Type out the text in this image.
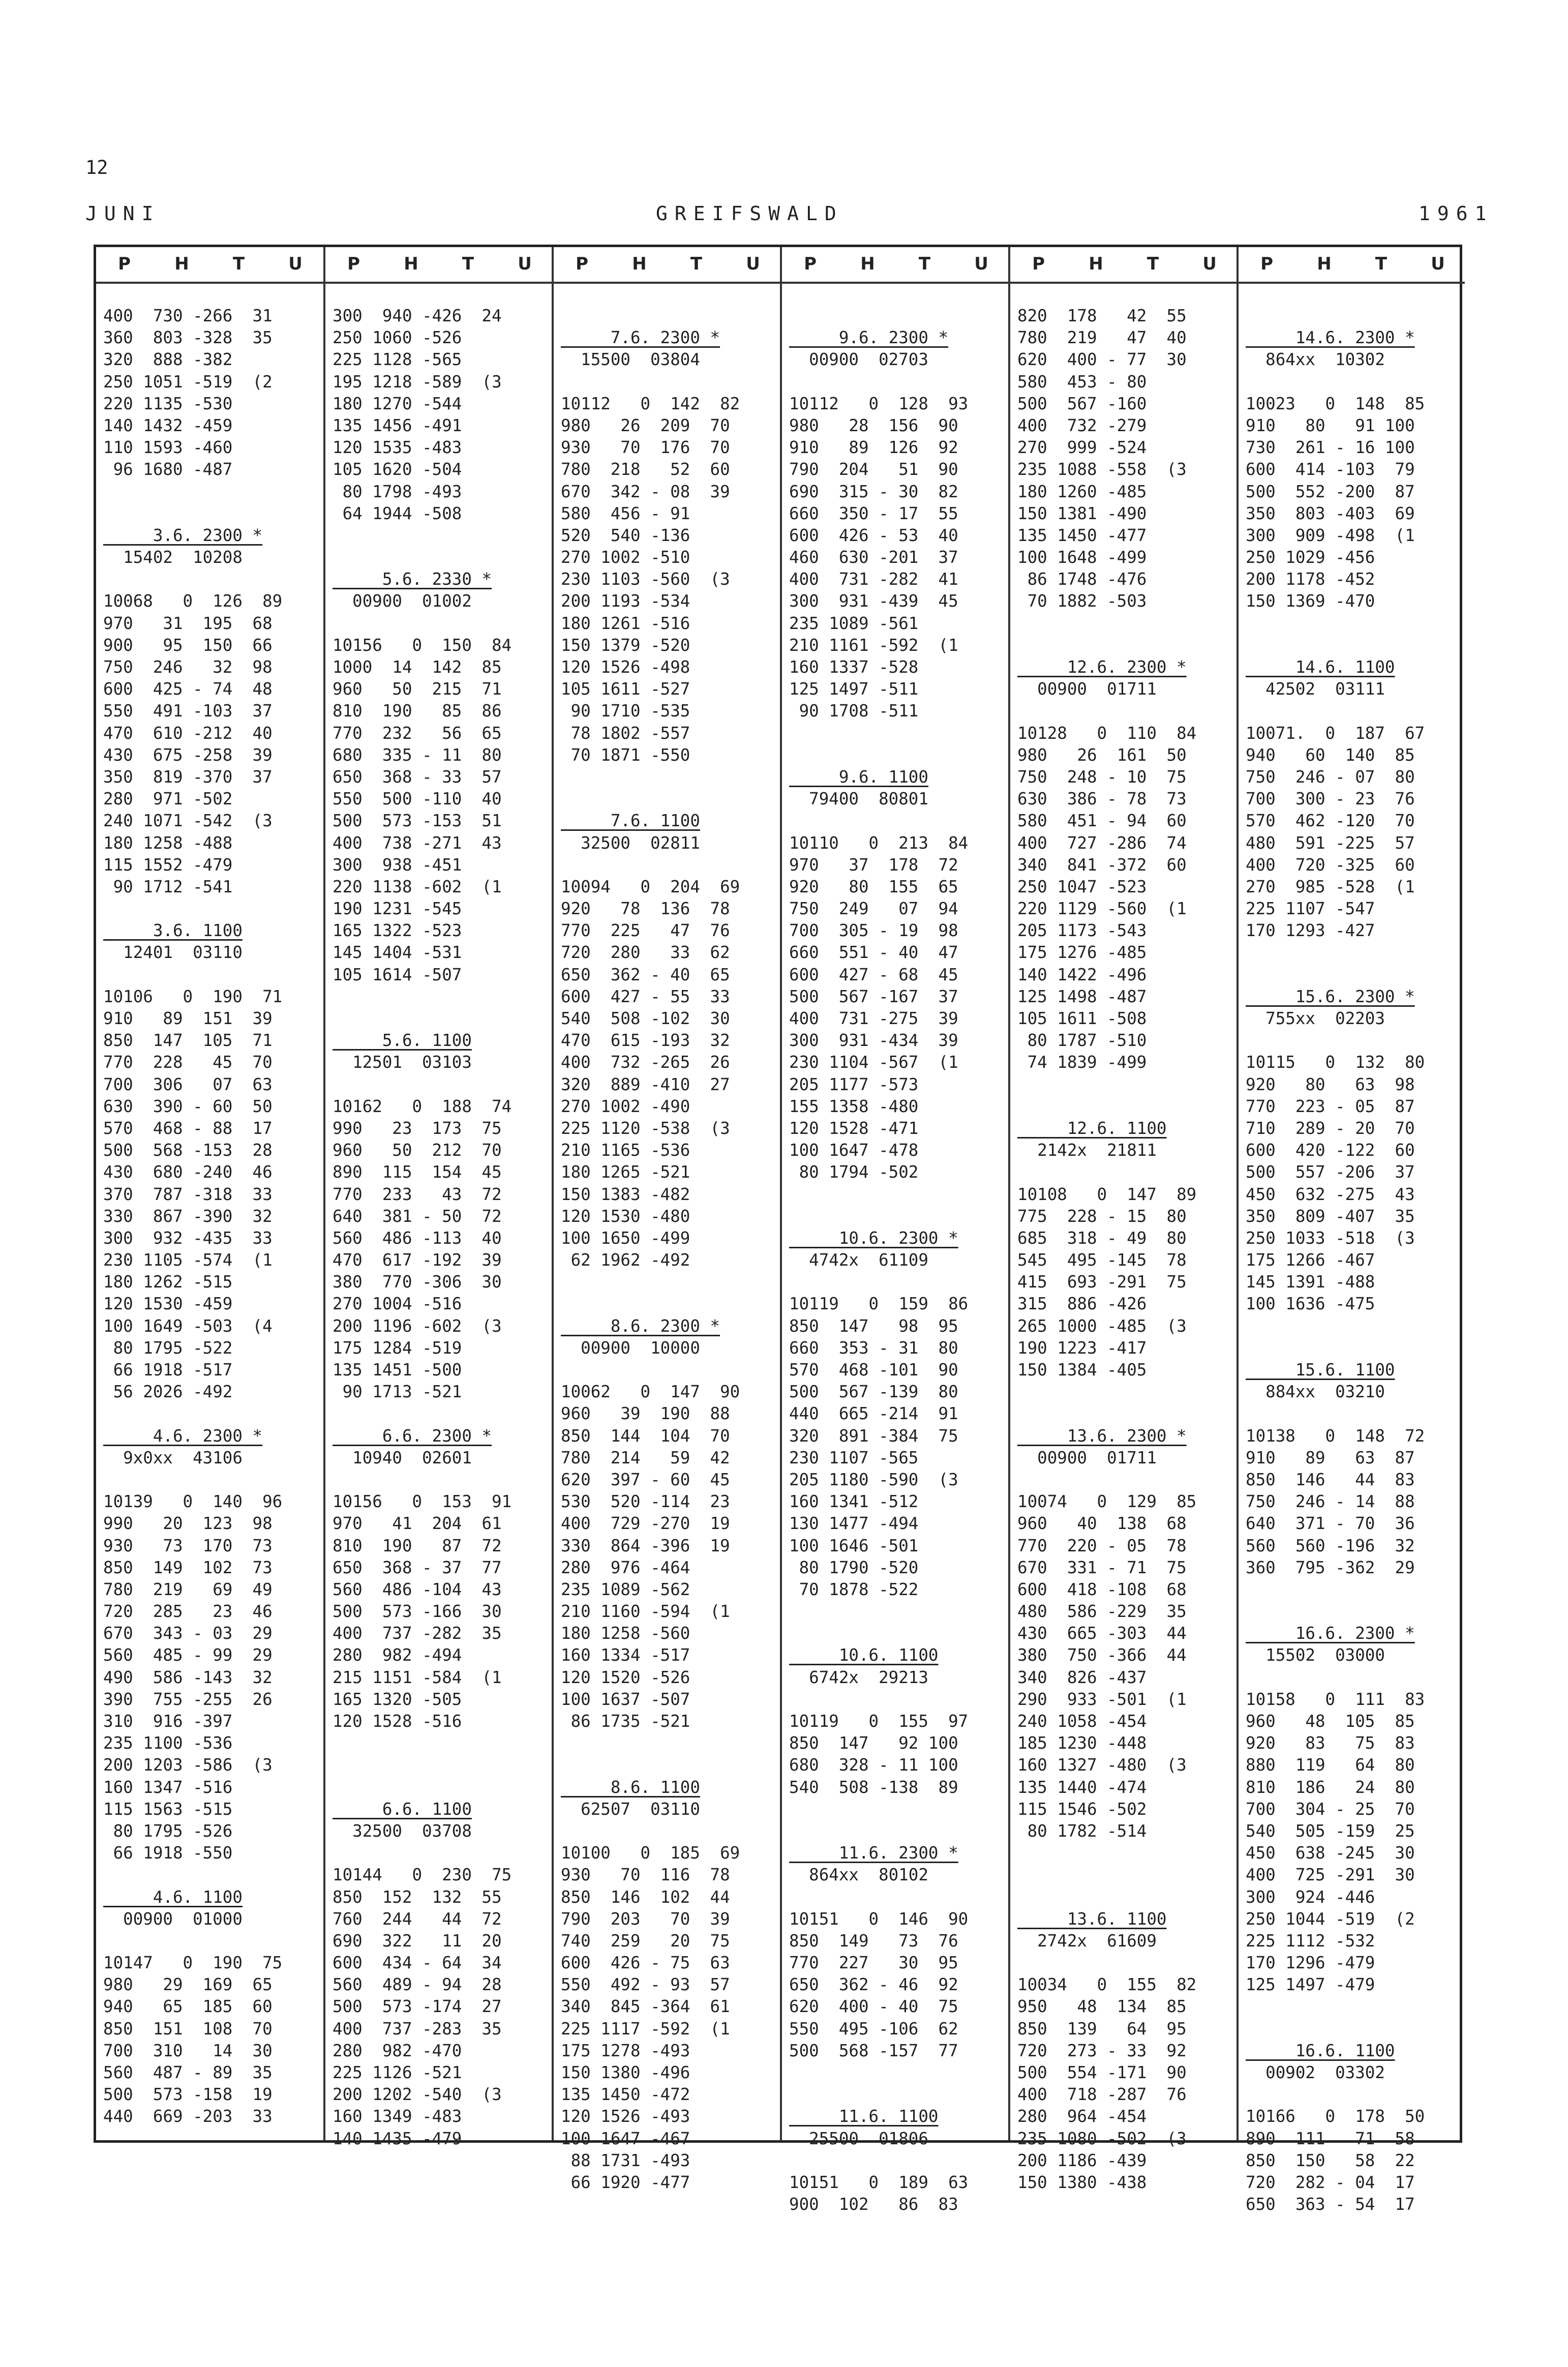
12
JUNI	GREIFSWALD	1961
P	H	T	U
400  730 -266  31
360  803 -328  35
320  888 -382
250 1051 -519  (2
220 1135 -530
140 1432 -459
110 1593 -460
96 1680 -487
3.6. 2300 *
15402  10208
10068   0  126  89
970   31  195  68
900   95  150  66
750  246   32  98
600  425 - 74  48
550  491 -103  37
470  610 -212  40
430  675 -258  39
350  819 -370  37
280  971 -502
240 1071 -542  (3
180 1258 -488
115 1552 -479
90 1712 -541
3.6. 1100
12401  03110
10106   0  190  71
910   89  151  39
850  147  105  71
770  228   45  70
700  306   07  63
630  390 - 60  50
570  468 - 88  17
500  568 -153  28
430  680 -240  46
370  787 -318  33
330  867 -390  32
300  932 -435  33
230 1105 -574  (1
180 1262 -515
120 1530 -459
100 1649 -503  (4
80 1795 -522
66 1918 -517
56 2026 -492
4.6. 2300 *
9x0xx  43106
10139   0  140  96
990   20  123  98
930   73  170  73
850  149  102  73
780  219   69  49
720  285   23  46
670  343 - 03  29
560  485 - 99  29
490  586 -143  32
390  755 -255  26
310  916 -397
235 1100 -536
200 1203 -586  (3
160 1347 -516
115 1563 -515
80 1795 -526
66 1918 -550
4.6. 1100
00900  01000
10147   0  190  75
980   29  169  65
940   65  185  60
850  151  108  70
700  310   14  30
560  487 - 89  35
500  573 -158  19
440  669 -203  33
P	H	T	U
300  940 -426  24
250 1060 -526
225 1128 -565
195 1218 -589  (3
180 1270 -544
135 1456 -491
120 1535 -483
105 1620 -504
80 1798 -493
64 1944 -508
5.6. 2330 *
00900  01002
10156   0  150  84
1000  14  142  85
960   50  215  71
810  190   85  86
770  232   56  65
680  335 - 11  80
650  368 - 33  57
550  500 -110  40
500  573 -153  51
400  738 -271  43
300  938 -451
220 1138 -602  (1
190 1231 -545
165 1322 -523
145 1404 -531
105 1614 -507
5.6. 1100
12501  03103
10162   0  188  74
990   23  173  75
960   50  212  70
890  115  154  45
770  233   43  72
640  381 - 50  72
560  486 -113  40
470  617 -192  39
380  770 -306  30
270 1004 -516
200 1196 -602  (3
175 1284 -519
135 1451 -500
90 1713 -521
6.6. 2300 *
10940  02601
10156   0  153  91
970   41  204  61
810  190   87  72
650  368 - 37  77
560  486 -104  43
500  573 -166  30
400  737 -282  35
280  982 -494
215 1151 -584  (1
165 1320 -505
120 1528 -516
6.6. 1100
32500  03708
10144   0  230  75
850  152  132  55
760  244   44  72
690  322   11  20
600  434 - 64  34
560  489 - 94  28
500  573 -174  27
400  737 -283  35
280  982 -470
225 1126 -521
200 1202 -540  (3
160 1349 -483
140 1435 -479
P	H	T	U
7.6. 2300 *
15500  03804
10112   0  142  82
980   26  209  70
930   70  176  70
780  218   52  60
670  342 - 08  39
580  456 - 91
520  540 -136
270 1002 -510
230 1103 -560  (3
200 1193 -534
180 1261 -516
150 1379 -520
120 1526 -498
105 1611 -527
90 1710 -535
78 1802 -557
70 1871 -550
7.6. 1100
32500  02811
10094   0  204  69
920   78  136  78
770  225   47  76
720  280   33  62
650  362 - 40  65
600  427 - 55  33
540  508 -102  30
470  615 -193  32
400  732 -265  26
320  889 -410  27
270 1002 -490
225 1120 -538  (3
210 1165 -536
180 1265 -521
150 1383 -482
120 1530 -480
100 1650 -499
62 1962 -492
8.6. 2300 *
00900  10000
10062   0  147  90
960   39  190  88
850  144  104  70
780  214   59  42
620  397 - 60  45
530  520 -114  23
400  729 -270  19
330  864 -396  19
280  976 -464
235 1089 -562
210 1160 -594  (1
180 1258 -560
160 1334 -517
120 1520 -526
100 1637 -507
86 1735 -521
8.6. 1100
62507  03110
10100   0  185  69
930   70  116  78
850  146  102  44
790  203   70  39
740  259   20  75
600  426 - 75  63
550  492 - 93  57
340  845 -364  61
225 1117 -592  (1
175 1278 -493
150 1380 -496
135 1450 -472
120 1526 -493
100 1647 -467
88 1731 -493
66 1920 -477
P	H	T	U
9.6. 2300 *
00900  02703
10112   0  128  93
980   28  156  90
910   89  126  92
790  204   51  90
690  315 - 30  82
660  350 - 17  55
600  426 - 53  40
460  630 -201  37
400  731 -282  41
300  931 -439  45
235 1089 -561
210 1161 -592  (1
160 1337 -528
125 1497 -511
90 1708 -511
9.6. 1100
79400  80801
10110   0  213  84
970   37  178  72
920   80  155  65
750  249   07  94
700  305 - 19  98
660  551 - 40  47
600  427 - 68  45
500  567 -167  37
400  731 -275  39
300  931 -434  39
230 1104 -567  (1
205 1177 -573
155 1358 -480
120 1528 -471
100 1647 -478
80 1794 -502
10.6. 2300 *
4742x  61109
10119   0  159  86
850  147   98  95
660  353 - 31  80
570  468 -101  90
500  567 -139  80
440  665 -214  91
320  891 -384  75
230 1107 -565
205 1180 -590  (3
160 1341 -512
130 1477 -494
100 1646 -501
80 1790 -520
70 1878 -522
10.6. 1100
6742x  29213
10119   0  155  97
850  147   92 100
680  328 - 11 100
540  508 -138  89
11.6. 2300 *
864xx  80102
10151   0  146  90
850  149   73  76
770  227   30  95
650  362 - 46  92
620  400 - 40  75
550  495 -106  62
500  568 -157  77
11.6. 1100
25500  01806
10151   0  189  63
900  102   86  83
P	H	T	U
820  178   42  55
780  219   47  40
620  400 - 77  30
580  453 - 80
500  567 -160
400  732 -279
270  999 -524
235 1088 -558  (3
180 1260 -485
150 1381 -490
135 1450 -477
100 1648 -499
86 1748 -476
70 1882 -503
12.6. 2300 *
00900  01711
10128   0  110  84
980   26  161  50
750  248 - 10  75
630  386 - 78  73
580  451 - 94  60
400  727 -286  74
340  841 -372  60
250 1047 -523
220 1129 -560  (1
205 1173 -543
175 1276 -485
140 1422 -496
125 1498 -487
105 1611 -508
80 1787 -510
74 1839 -499
12.6. 1100
2142x  21811
10108   0  147  89
775  228 - 15  80
685  318 - 49  80
545  495 -145  78
415  693 -291  75
315  886 -426
265 1000 -485  (3
190 1223 -417
150 1384 -405
13.6. 2300 *
00900  01711
10074   0  129  85
960   40  138  68
770  220 - 05  78
670  331 - 71  75
600  418 -108  68
480  586 -229  35
430  665 -303  44
380  750 -366  44
340  826 -437
290  933 -501  (1
240 1058 -454
185 1230 -448
160 1327 -480  (3
135 1440 -474
115 1546 -502
80 1782 -514
13.6. 1100
2742x  61609
10034   0  155  82
950   48  134  85
850  139   64  95
720  273 - 33  92
500  554 -171  90
400  718 -287  76
280  964 -454
235 1080 -502  (3
200 1186 -439
150 1380 -438
P	H	T	U
14.6. 2300 *
864xx  10302
10023   0  148  85
910   80   91 100
730  261 - 16 100
600  414 -103  79
500  552 -200  87
350  803 -403  69
300  909 -498  (1
250 1029 -456
200 1178 -452
150 1369 -470
14.6. 1100
42502  03111
10071.  0  187  67
940   60  140  85
750  246 - 07  80
700  300 - 23  76
570  462 -120  70
480  591 -225  57
400  720 -325  60
270  985 -528  (1
225 1107 -547
170 1293 -427
15.6. 2300 *
755xx  02203
10115   0  132  80
920   80   63  98
770  223 - 05  87
710  289 - 20  70
600  420 -122  60
500  557 -206  37
450  632 -275  43
350  809 -407  35
250 1033 -518  (3
175 1266 -467
145 1391 -488
100 1636 -475
15.6. 1100
884xx  03210
10138   0  148  72
910   89   63  87
850  146   44  83
750  246 - 14  88
640  371 - 70  36
560  560 -196  32
360  795 -362  29
16.6. 2300 *
15502  03000
10158   0  111  83
960   48  105  85
920   83   75  83
880  119   64  80
810  186   24  80
700  304 - 25  70
540  505 -159  25
450  638 -245  30
400  725 -291  30
300  924 -446
250 1044 -519  (2
225 1112 -532
170 1296 -479
125 1497 -479
16.6. 1100
00902  03302
10166   0  178  50
890  111   71  58
850  150   58  22
720  282 - 04  17
650  363 - 54  17
